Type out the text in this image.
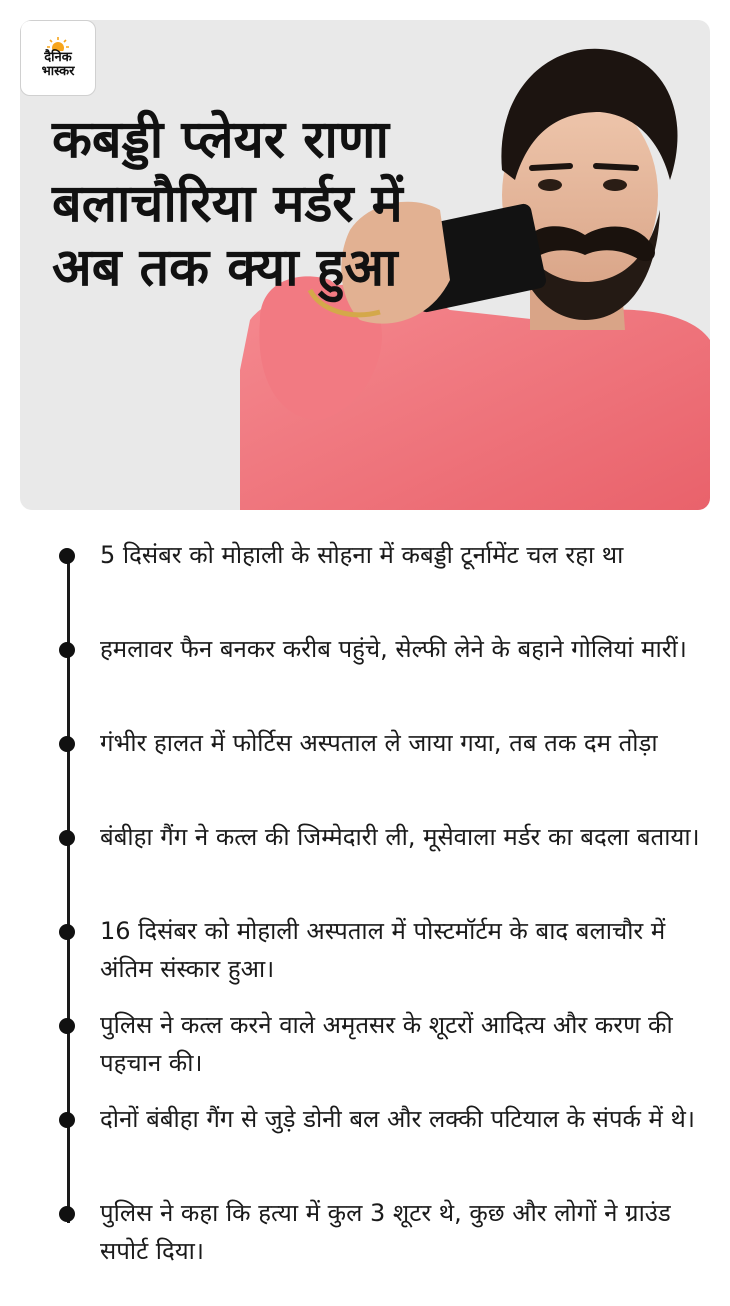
दैनिक
भास्कर
कबड्डी प्लेयर राणा बलाचौरिया मर्डर में अब तक क्या हुआ
5 दिसंबर को मोहाली के सोहना में कबड्डी टूर्नामेंट चल रहा था
हमलावर फैन बनकर करीब पहुंचे, सेल्फी लेने के बहाने गोलियां मारीं।
गंभीर हालत में फोर्टिस अस्पताल ले जाया गया, तब तक दम तोड़ा
बंबीहा गैंग ने कत्ल की जिम्मेदारी ली, मूसेवाला मर्डर का बदला बताया।
16 दिसंबर को मोहाली अस्पताल में पोस्टमॉर्टम के बाद बलाचौर में अंतिम संस्कार हुआ।
पुलिस ने कत्ल करने वाले अमृतसर के शूटरों आदित्य और करण की पहचान की।
दोनों बंबीहा गैंग से जुड़े डोनी बल और लक्की पटियाल के संपर्क में थे।
पुलिस ने कहा कि हत्या में कुल 3 शूटर थे, कुछ और लोगों ने ग्राउंड सपोर्ट दिया।
